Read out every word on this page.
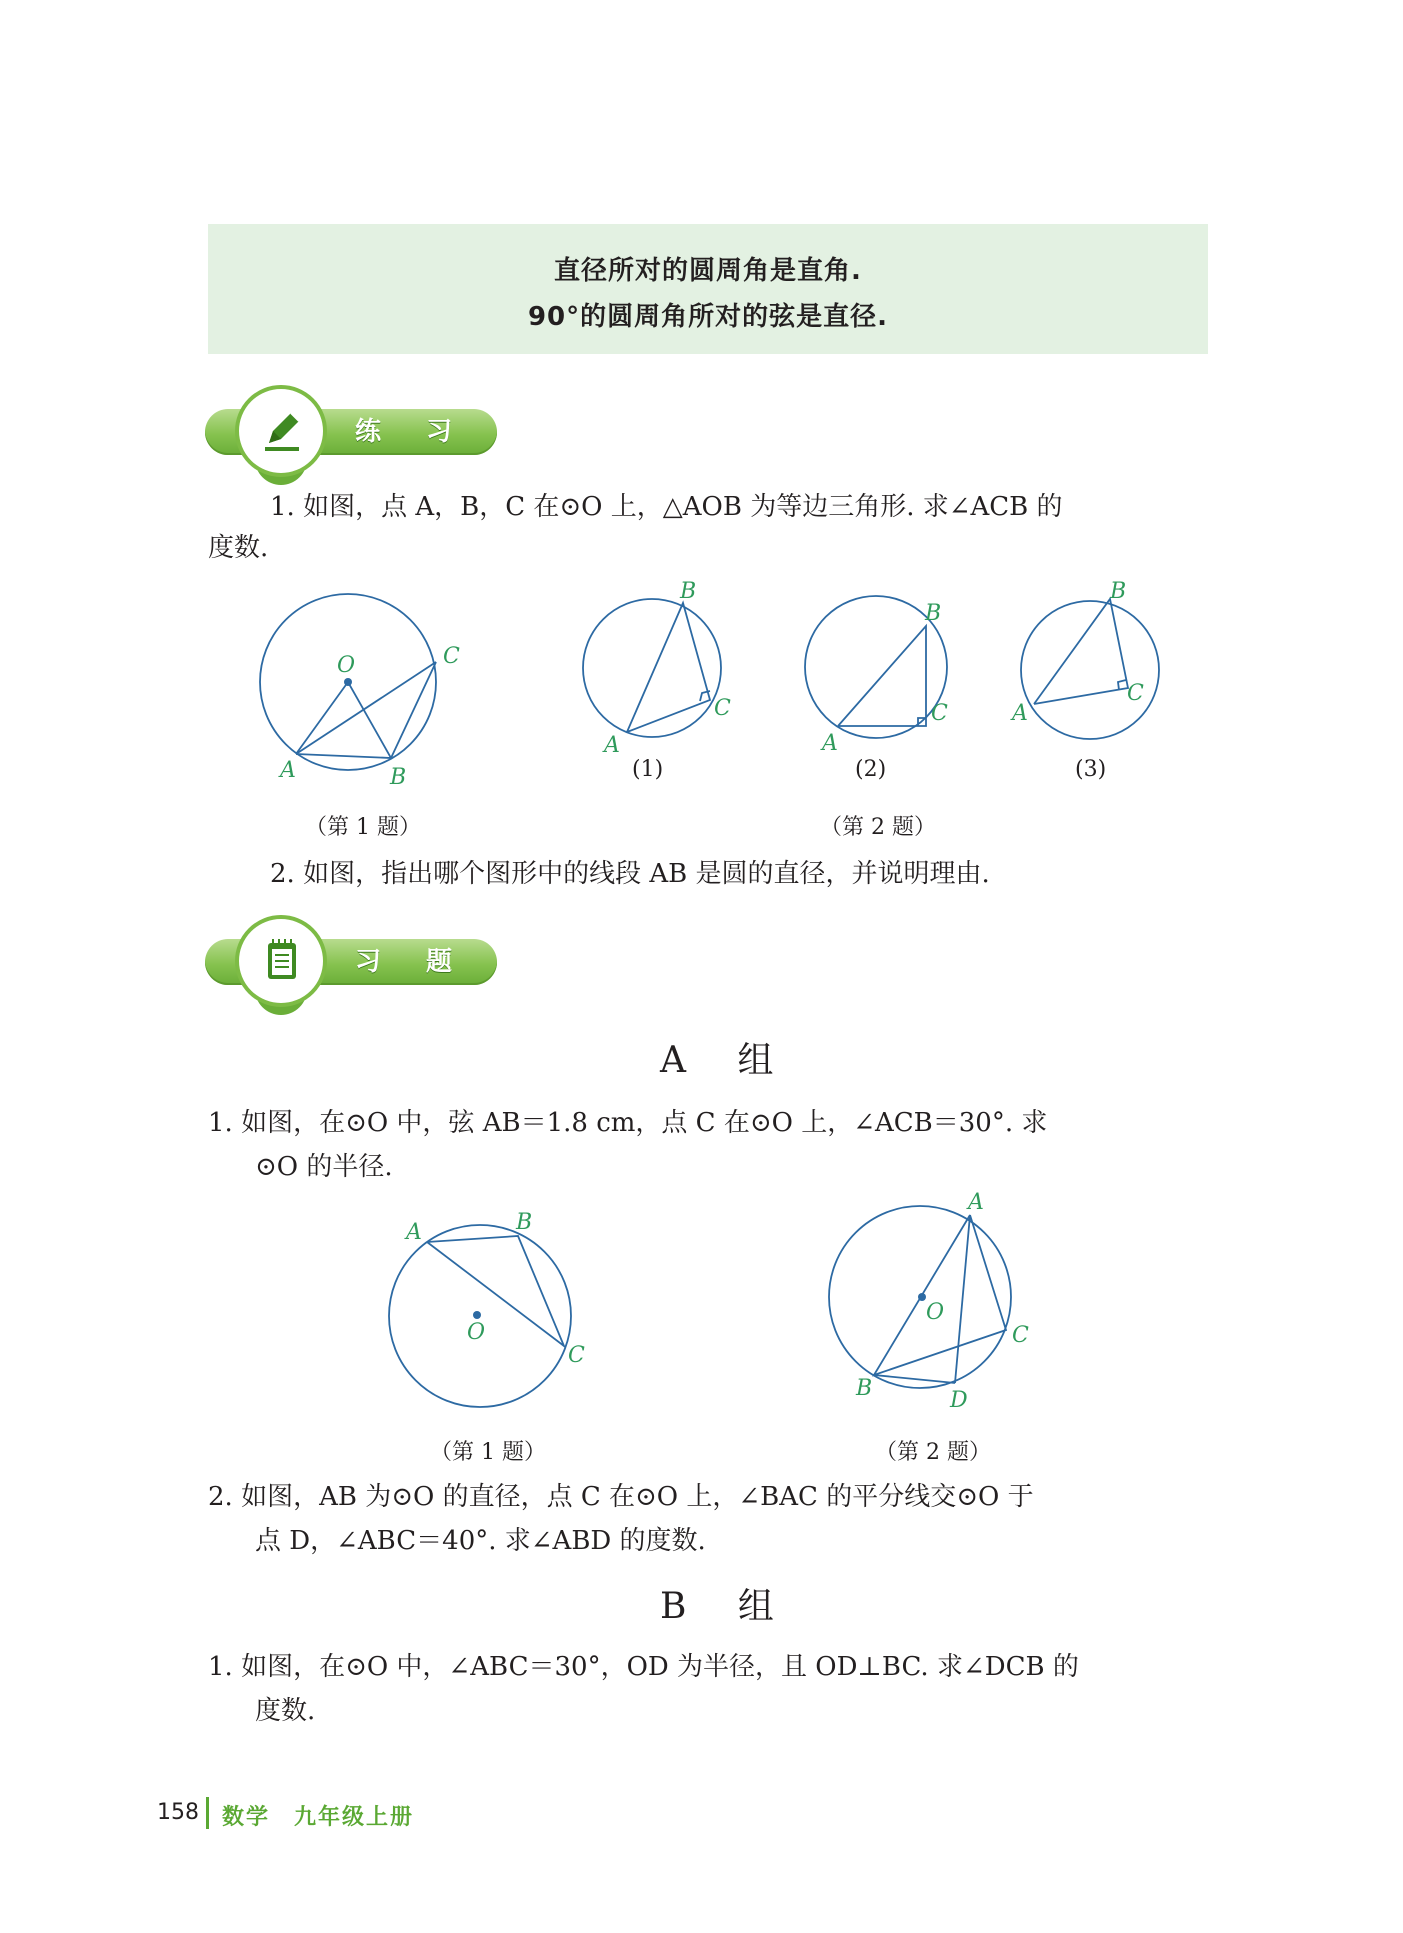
直径所对的圆周角是直角.
90°的圆周角所对的弦是直径.
练 习
1. 如图，点 A，B，C 在⊙O 上，△AOB 为等边三角形. 求∠ACB 的
度数.
O
A	B
C
B
A
C
B
A
C
B
A
C
(1)	(2)	(3)
（第 1 题）	（第 2 题）
2. 如图，指出哪个图形中的线段 AB 是圆的直径，并说明理由.
习 题
A 组
1. 如图，在⊙O 中，弦 AB＝1.8 cm，点 C 在⊙O 上，∠ACB＝30°. 求
⊙O 的半径.
O
A	B
C
O
A
B
C
D
（第 1 题）	（第 2 题）
2. 如图，AB 为⊙O 的直径，点 C 在⊙O 上，∠BAC 的平分线交⊙O 于
点 D，∠ABC＝40°. 求∠ABD 的度数.
B 组
1. 如图，在⊙O 中，∠ABC＝30°，OD 为半径，且 OD⊥BC. 求∠DCB 的
度数.
158 数学　九年级上册
